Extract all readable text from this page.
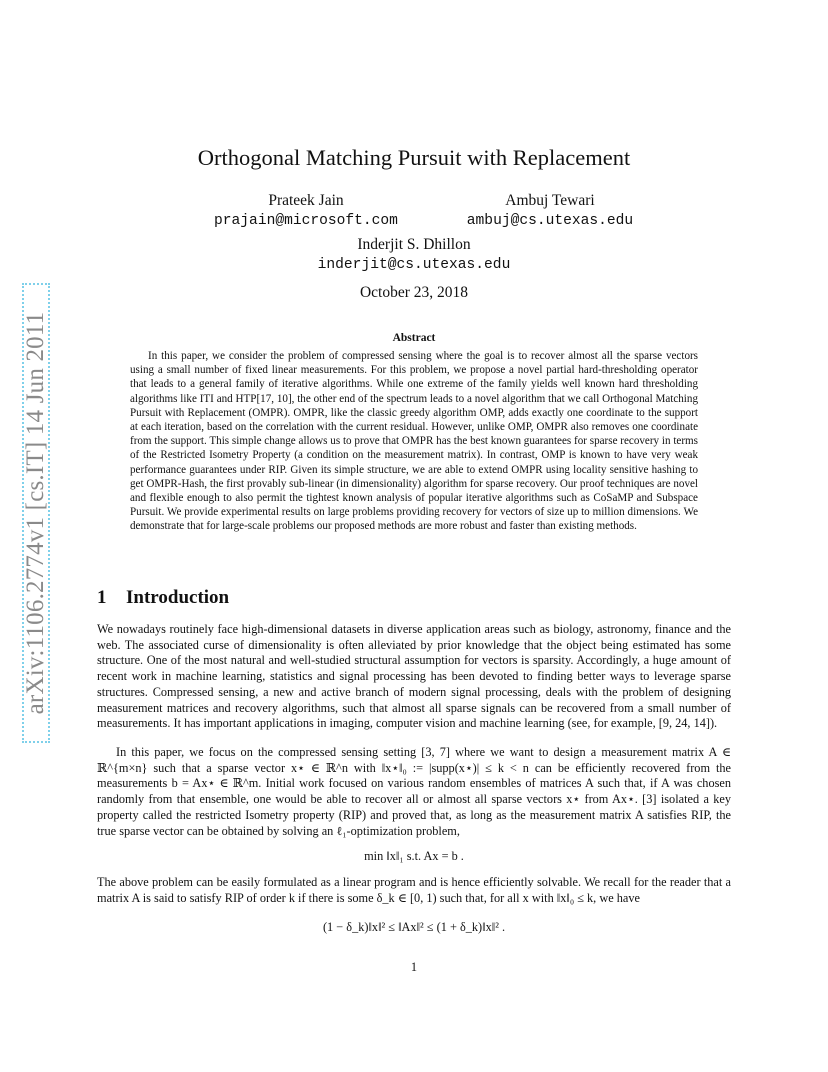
arXiv:1106.2774v1 [cs.IT] 14 Jun 2011
Orthogonal Matching Pursuit with Replacement
Prateek Jain
prajain@microsoft.com
Ambuj Tewari
ambuj@cs.utexas.edu
Inderjit S. Dhillon
inderjit@cs.utexas.edu
October 23, 2018
Abstract
In this paper, we consider the problem of compressed sensing where the goal is to recover almost all the sparse vectors using a small number of fixed linear measurements. For this problem, we propose a novel partial hard-thresholding operator that leads to a general family of iterative algorithms. While one extreme of the family yields well known hard thresholding algorithms like ITI and HTP[17, 10], the other end of the spectrum leads to a novel algorithm that we call Orthogonal Matching Pursuit with Replacement (OMPR). OMPR, like the classic greedy algorithm OMP, adds exactly one coordinate to the support at each iteration, based on the correlation with the current residual. However, unlike OMP, OMPR also removes one coordinate from the support. This simple change allows us to prove that OMPR has the best known guarantees for sparse recovery in terms of the Restricted Isometry Property (a condition on the measurement matrix). In contrast, OMP is known to have very weak performance guarantees under RIP. Given its simple structure, we are able to extend OMPR using locality sensitive hashing to get OMPR-Hash, the first provably sub-linear (in dimensionality) algorithm for sparse recovery. Our proof techniques are novel and flexible enough to also permit the tightest known analysis of popular iterative algorithms such as CoSaMP and Subspace Pursuit. We provide experimental results on large problems providing recovery for vectors of size up to million dimensions. We demonstrate that for large-scale problems our proposed methods are more robust and faster than existing methods.
1 Introduction
We nowadays routinely face high-dimensional datasets in diverse application areas such as biology, astronomy, finance and the web. The associated curse of dimensionality is often alleviated by prior knowledge that the object being estimated has some structure. One of the most natural and well-studied structural assumption for vectors is sparsity. Accordingly, a huge amount of recent work in machine learning, statistics and signal processing has been devoted to finding better ways to leverage sparse structures. Compressed sensing, a new and active branch of modern signal processing, deals with the problem of designing measurement matrices and recovery algorithms, such that almost all sparse signals can be recovered from a small number of measurements. It has important applications in imaging, computer vision and machine learning (see, for example, [9, 24, 14]).
In this paper, we focus on the compressed sensing setting [3, 7] where we want to design a measurement matrix A ∈ ℝ^{m×n} such that a sparse vector x⋆ ∈ ℝ^n with ‖x⋆‖₀ := |supp(x⋆)| ≤ k < n can be efficiently recovered from the measurements b = Ax⋆ ∈ ℝ^m. Initial work focused on various random ensembles of matrices A such that, if A was chosen randomly from that ensemble, one would be able to recover all or almost all sparse vectors x⋆ from Ax⋆. [3] isolated a key property called the restricted Isometry property (RIP) and proved that, as long as the measurement matrix A satisfies RIP, the true sparse vector can be obtained by solving an ℓ₁-optimization problem,
min ‖x‖₁ s.t. Ax = b .
The above problem can be easily formulated as a linear program and is hence efficiently solvable. We recall for the reader that a matrix A is said to satisfy RIP of order k if there is some δ_k ∈ [0, 1) such that, for all x with ‖x‖₀ ≤ k, we have
(1 − δ_k)‖x‖² ≤ ‖Ax‖² ≤ (1 + δ_k)‖x‖² .
1
